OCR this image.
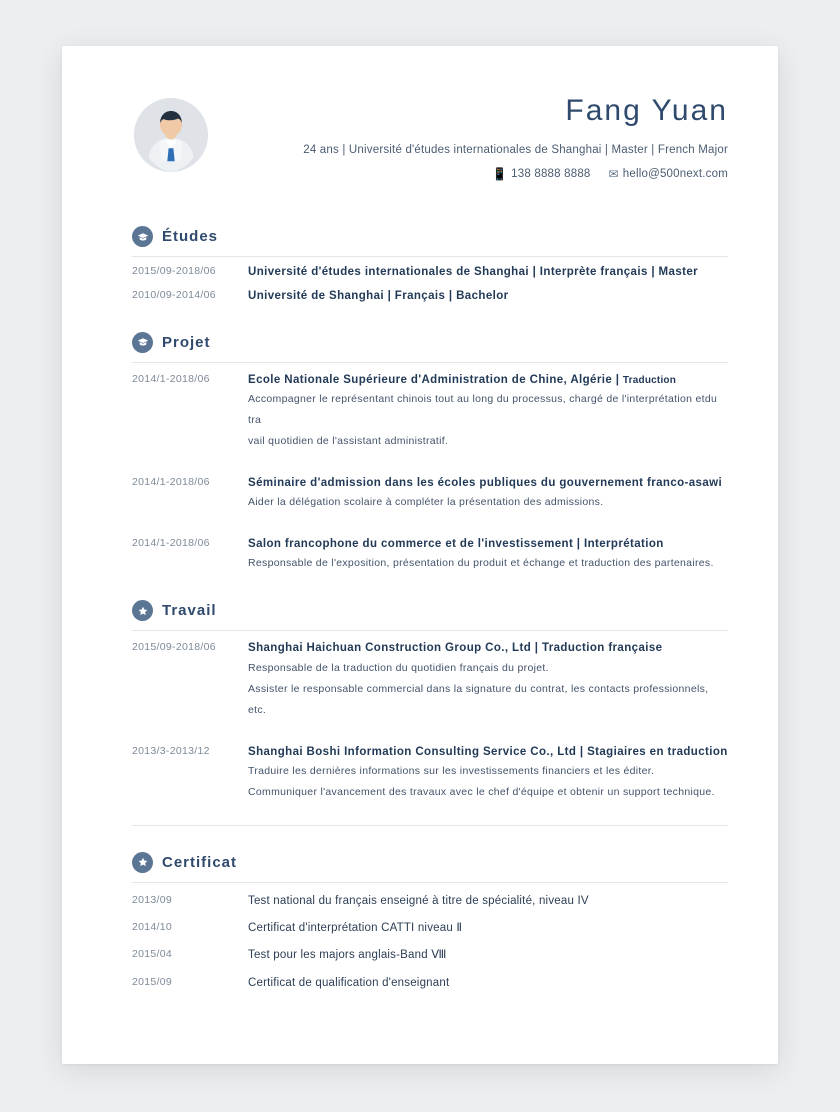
Fang Yuan
24 ans | Université d'études internationales de Shanghai | Master | French Major
📱 138 8888 8888 ✉ hello@500next.com
Études
2015/09-2018/06	Université d'études internationales de Shanghai | Interprète français | Master
2010/09-2014/06	Université de Shanghai | Français | Bachelor
Projet
2014/1-2018/06	Ecole Nationale Supérieure d'Administration de Chine, Algérie | Traduction
Accompagner le représentant chinois tout au long du processus, chargé de l'interprétation etdu tra
vail quotidien de l'assistant administratif.
2014/1-2018/06	Séminaire d'admission dans les écoles publiques du gouvernement franco-asawi
Aider la délégation scolaire à compléter la présentation des admissions.
2014/1-2018/06	Salon francophone du commerce et de l'investissement | Interprétation
Responsable de l'exposition, présentation du produit et échange et traduction des partenaires.
Travail
2015/09-2018/06	Shanghai Haichuan Construction Group Co., Ltd | Traduction française
Responsable de la traduction du quotidien français du projet.
Assister le responsable commercial dans la signature du contrat, les contacts professionnels, etc.
2013/3-2013/12	Shanghai Boshi Information Consulting Service Co., Ltd | Stagiaires en traduction
Traduire les dernières informations sur les investissements financiers et les éditer.
Communiquer l'avancement des travaux avec le chef d'équipe et obtenir un support technique.
Certificat
2013/09	Test national du français enseigné à titre de spécialité, niveau IV
2014/10	Certificat d'interprétation CATTI niveau Ⅱ
2015/04	Test pour les majors anglais-Band Ⅷ
2015/09	Certificat de qualification d'enseignant
